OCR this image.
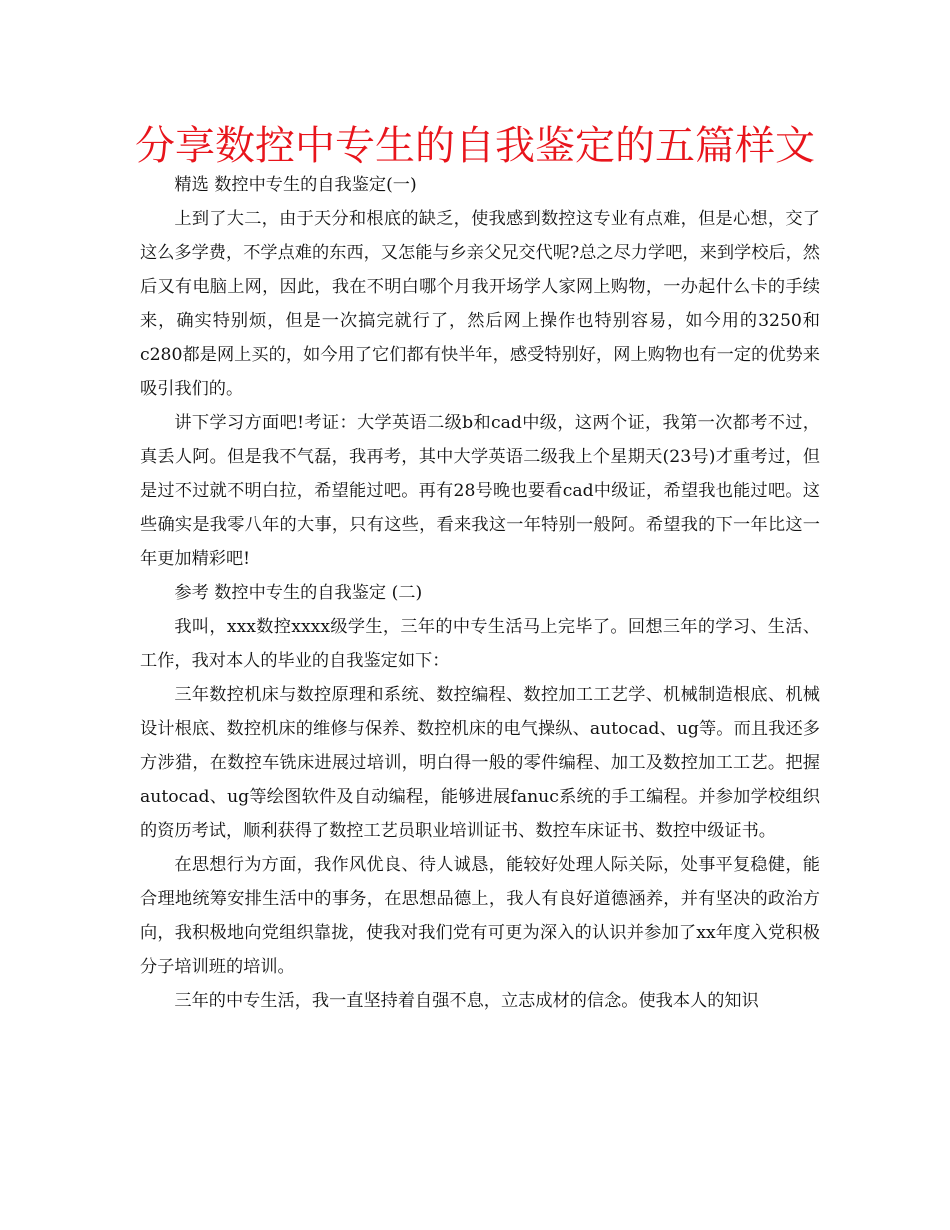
分享数控中专生的自我鉴定的五篇样文

精选 数控中专生的自我鉴定(一)

上到了大二，由于天分和根底的缺乏，使我感到数控这专业有点难，但是心想，交了这么多学费，不学点难的东西，又怎能与乡亲父兄交代呢?总之尽力学吧，来到学校后，然后又有电脑上网，因此，我在不明白哪个月我开场学人家网上购物，一办起什么卡的手续来，确实特别烦，但是一次搞完就行了，然后网上操作也特别容易，如今用的3250和c280都是网上买的，如今用了它们都有快半年，感受特别好，网上购物也有一定的优势来吸引我们的。

讲下学习方面吧!考证：大学英语二级b和cad中级，这两个证，我第一次都考不过，真丢人阿。但是我不气磊，我再考，其中大学英语二级我上个星期天(23号)才重考过，但是过不过就不明白拉，希望能过吧。再有28号晚也要看cad中级证，希望我也能过吧。这些确实是我零八年的大事，只有这些，看来我这一年特别一般阿。希望我的下一年比这一年更加精彩吧!

参考 数控中专生的自我鉴定 (二)

我叫，xxx数控xxxx级学生，三年的中专生活马上完毕了。回想三年的学习、生活、工作，我对本人的毕业的自我鉴定如下：

三年数控机床与数控原理和系统、数控编程、数控加工工艺学、机械制造根底、机械设计根底、数控机床的维修与保养、数控机床的电气操纵、autocad、ug等。而且我还多方涉猎，在数控车铣床进展过培训，明白得一般的零件编程、加工及数控加工工艺。把握autocad、ug等绘图软件及自动编程，能够进展fanuc系统的手工编程。并参加学校组织的资历考试，顺利获得了数控工艺员职业培训证书、数控车床证书、数控中级证书。

在思想行为方面，我作风优良、待人诚恳，能较好处理人际关际，处事平复稳健，能合理地统筹安排生活中的事务，在思想品德上，我人有良好道德涵养，并有坚决的政治方向，我积极地向党组织靠拢，使我对我们党有可更为深入的认识并参加了xx年度入党积极分子培训班的培训。

三年的中专生活，我一直坚持着自强不息，立志成材的信念。使我本人的知识
